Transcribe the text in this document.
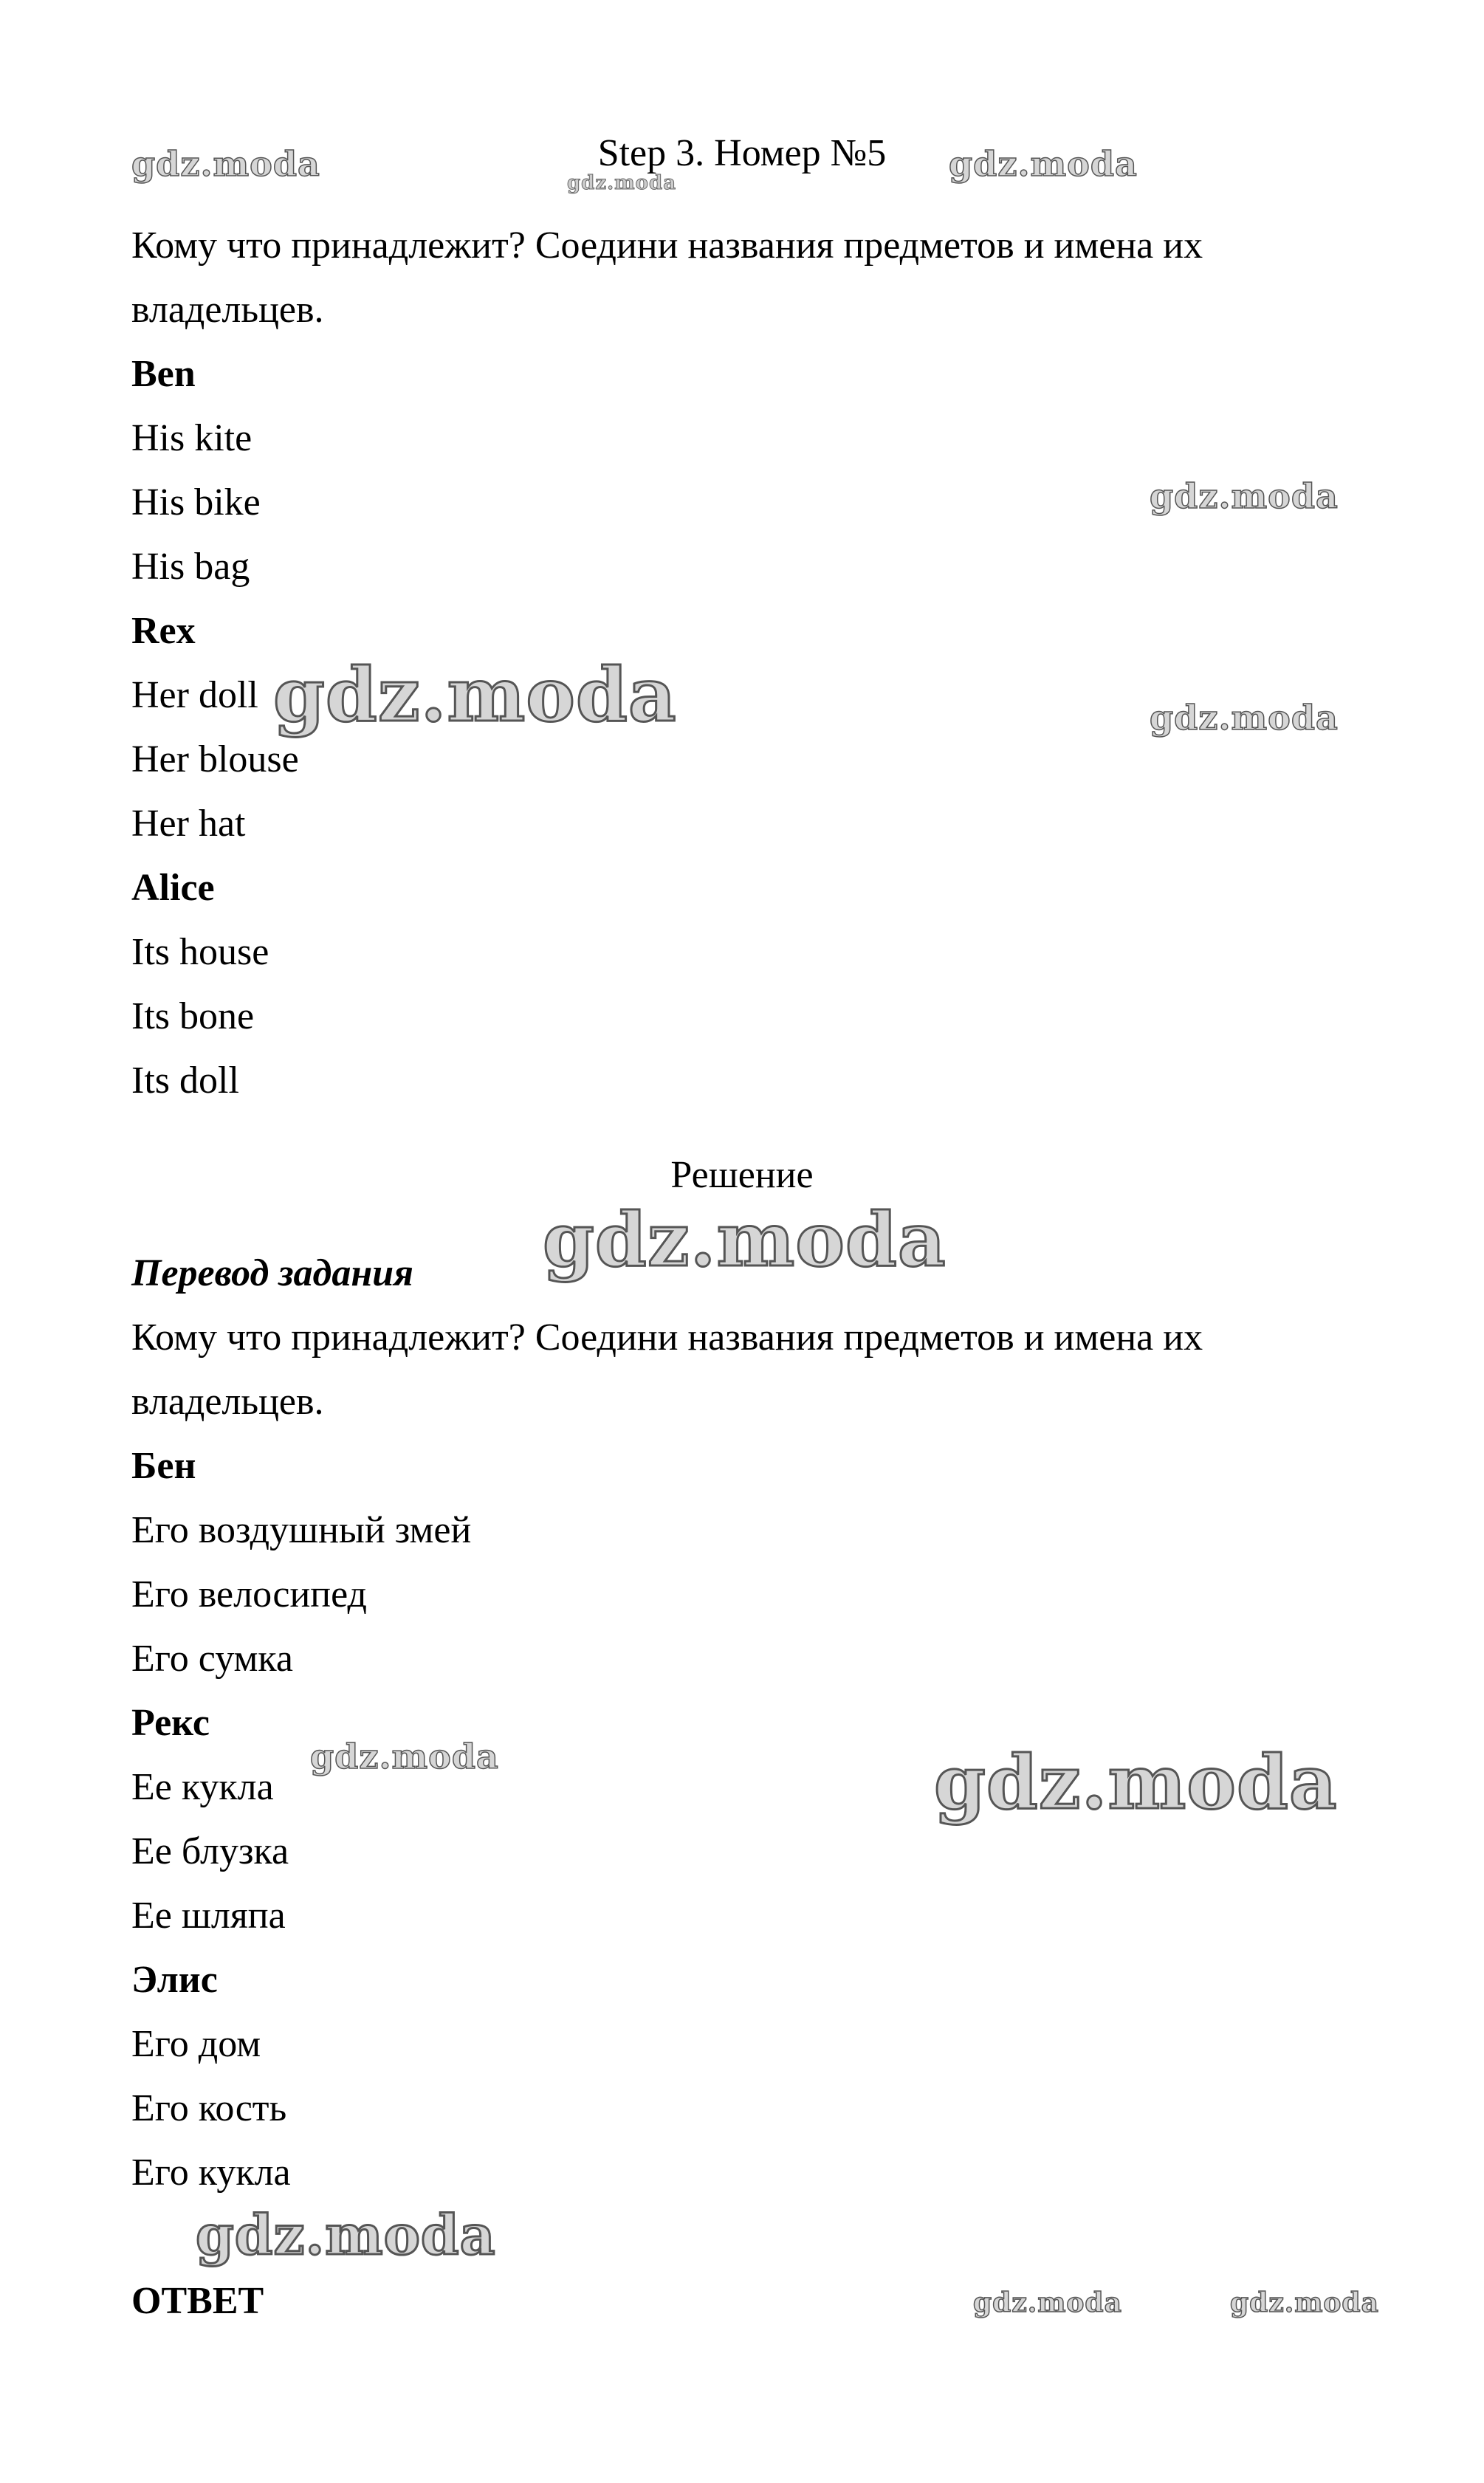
Step 3. Номер №5
Кому что принадлежит? Соедини названия предметов и имена их
владельцев.
Ben
His kite
His bike
His bag
Rex
Her doll
Her blouse
Her hat
Alice
Its house
Its bone
Its doll
Решение
Перевод задания
Кому что принадлежит? Соедини названия предметов и имена их
владельцев.
Бен
Его воздушный змей
Его велосипед
Его сумка
Рекс
Ее кукла
Ее блузка
Ее шляпа
Элис
Его дом
Его кость
Его кукла
ОТВЕТ
gdz.moda	gdz.moda	gdz.moda
gdz.moda
gdz.moda	gdz.moda
gdz.moda
gdz.moda	gdz.moda
gdz.moda
gdz.moda	gdz.moda
